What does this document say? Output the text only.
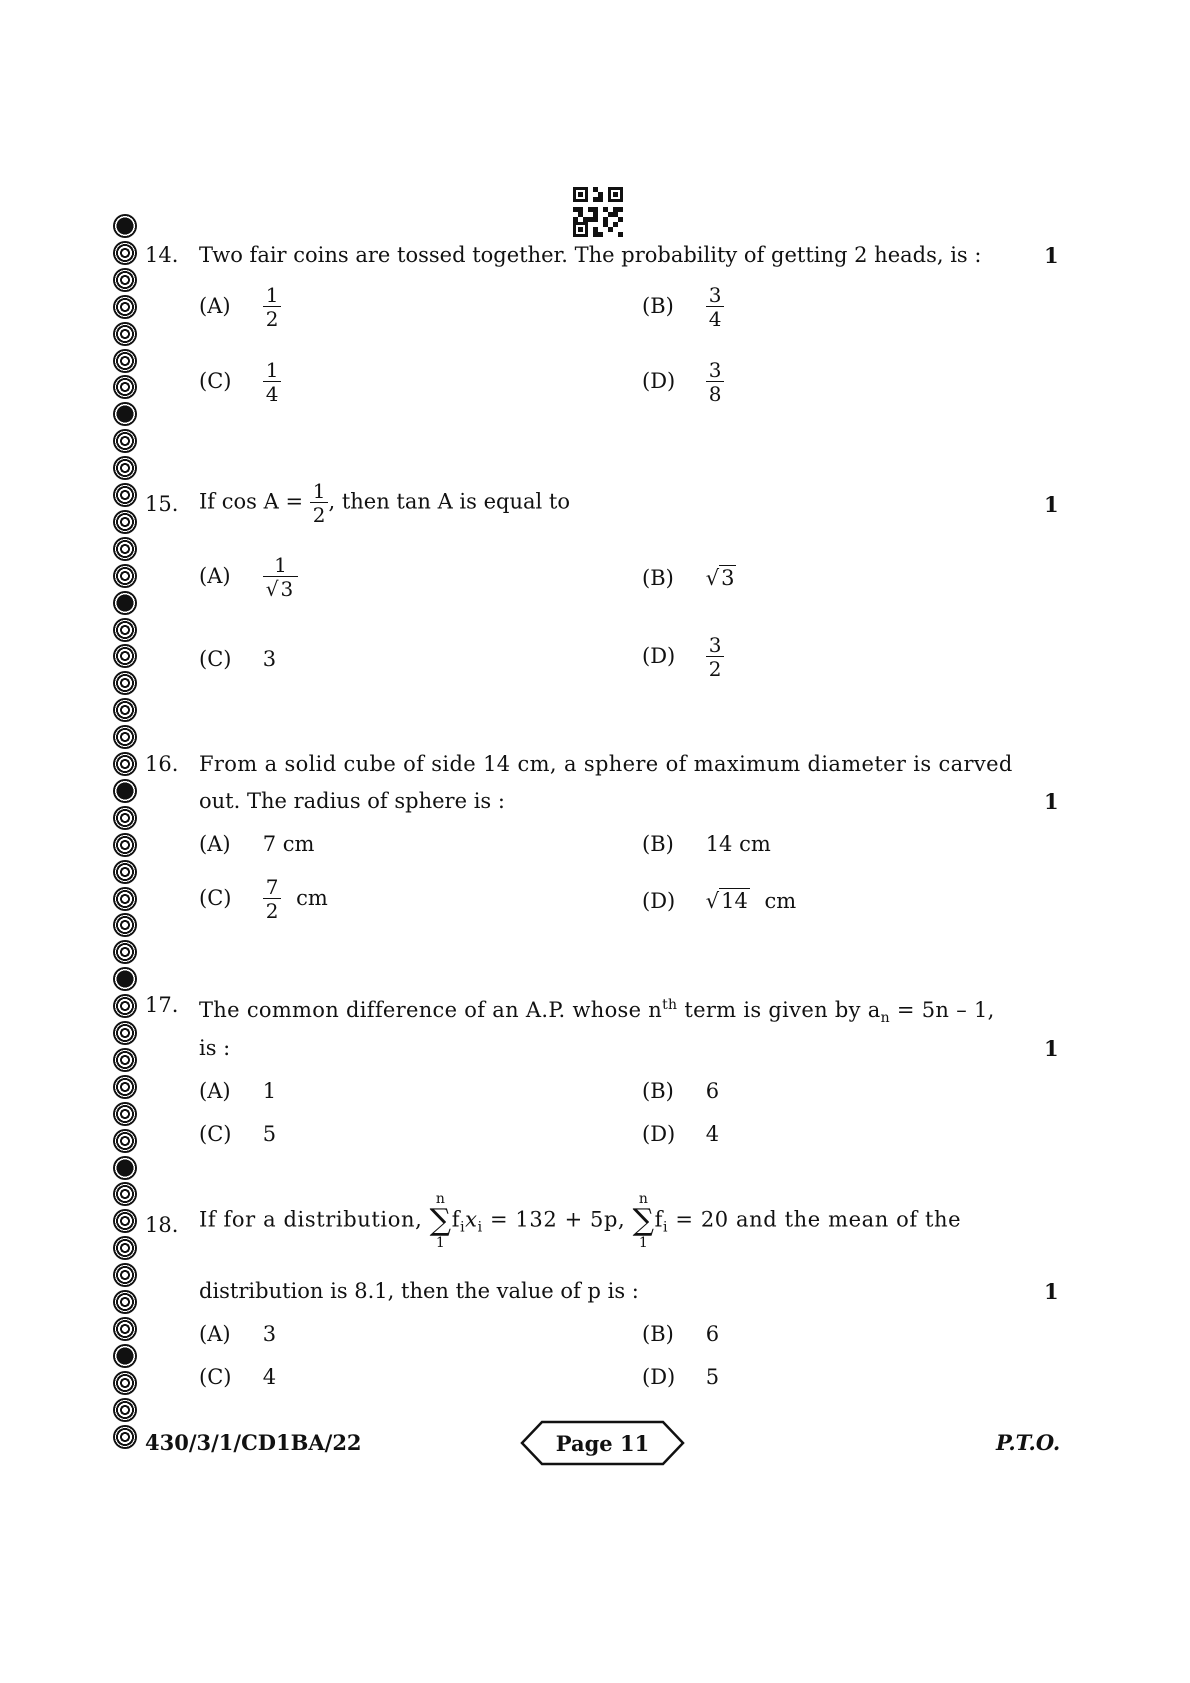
14. Two fair coins are tossed together. The probability of getting 2 heads, is :	1
$(A) \frac{1}{2}$	$(B) \frac{3}{4}$
$(C) \frac{1}{4}$	$(D) \frac{3}{8}$
15. If $\cos A = \frac{1}{2}$ , then tan A is equal to	1
$(A) \frac{1}{√ 3}$	(B) √3
(C) 3	$(D) \frac{3}{2}$
16. From a solid cube of side 14 cm, a sphere of maximum diameter is carved
out. The radius of sphere is :	1
(A) 7 cm	(B) 14 cm
$(C) \frac{7}{2}$ cm	(D) √14 cm
17. The common difference of an A.P. whose $n^{th}$ term is given by $a_n = 5n - 1$,
is :	1
(A) 1	(B) 6
(C) 5	(D) 4
18. If for a distribution,
n
∑
1
$f_ix_i = 132 + 5p$,
n
∑
1
$f_i = 20$ and the mean of the
distribution is 8.1, then the value of p is :	1
(A) 3	(B) 6
(C) 4	(D) 5
430/3/1/CD1BA/22	Page 11	P.T.O.
